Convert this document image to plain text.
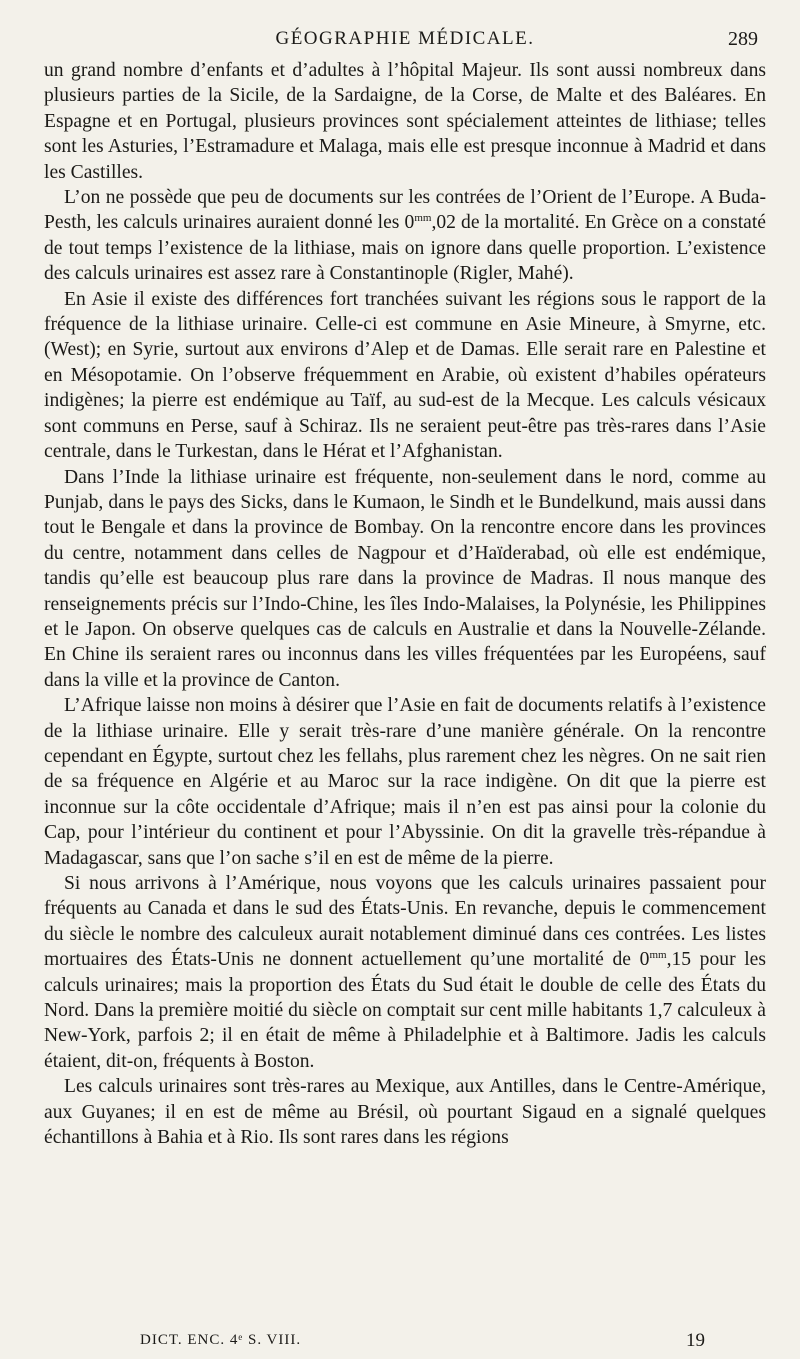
GÉOGRAPHIE MÉDICALE.	289

un grand nombre d’enfants et d’adultes à l’hôpital Majeur. Ils sont aussi nombreux dans plusieurs parties de la Sicile, de la Sardaigne, de la Corse, de Malte et des Baléares. En Espagne et en Portugal, plusieurs provinces sont spécialement atteintes de lithiase; telles sont les Asturies, l’Estramadure et Malaga, mais elle est presque inconnue à Madrid et dans les Castilles.

L’on ne possède que peu de documents sur les contrées de l’Orient de l’Europe. A Buda-Pesth, les calculs urinaires auraient donné les $0^{mm},02$ de la mortalité. En Grèce on a constaté de tout temps l’existence de la lithiase, mais on ignore dans quelle proportion. L’existence des calculs urinaires est assez rare à Constantinople (Rigler, Mahé).

En Asie il existe des différences fort tranchées suivant les régions sous le rapport de la fréquence de la lithiase urinaire. Celle-ci est commune en Asie Mineure, à Smyrne, etc. (West); en Syrie, surtout aux environs d’Alep et de Damas. Elle serait rare en Palestine et en Mésopotamie. On l’observe fréquemment en Arabie, où existent d’habiles opérateurs indigènes; la pierre est endémique au Taïf, au sud-est de la Mecque. Les calculs vésicaux sont communs en Perse, sauf à Schiraz. Ils ne seraient peut-être pas très-rares dans l’Asie centrale, dans le Turkestan, dans le Hérat et l’Afghanistan.

Dans l’Inde la lithiase urinaire est fréquente, non-seulement dans le nord, comme au Punjab, dans le pays des Sicks, dans le Kumaon, le Sindh et le Bundelkund, mais aussi dans tout le Bengale et dans la province de Bombay. On la rencontre encore dans les provinces du centre, notamment dans celles de Nagpour et d’Haïderabad, où elle est endémique, tandis qu’elle est beaucoup plus rare dans la province de Madras. Il nous manque des renseignements précis sur l’Indo-Chine, les îles Indo-Malaises, la Polynésie, les Philippines et le Japon. On observe quelques cas de calculs en Australie et dans la Nouvelle-Zélande. En Chine ils seraient rares ou inconnus dans les villes fréquentées par les Européens, sauf dans la ville et la province de Canton.

L’Afrique laisse non moins à désirer que l’Asie en fait de documents relatifs à l’existence de la lithiase urinaire. Elle y serait très-rare d’une manière générale. On la rencontre cependant en Égypte, surtout chez les fellahs, plus rarement chez les nègres. On ne sait rien de sa fréquence en Algérie et au Maroc sur la race indigène. On dit que la pierre est inconnue sur la côte occidentale d’Afrique; mais il n’en est pas ainsi pour la colonie du Cap, pour l’intérieur du continent et pour l’Abyssinie. On dit la gravelle très-répandue à Madagascar, sans que l’on sache s’il en est de même de la pierre.

Si nous arrivons à l’Amérique, nous voyons que les calculs urinaires passaient pour fréquents au Canada et dans le sud des États-Unis. En revanche, depuis le commencement du siècle le nombre des calculeux aurait notablement diminué dans ces contrées. Les listes mortuaires des États-Unis ne donnent actuellement qu’une mortalité de $0^{mm},15$ pour les calculs urinaires; mais la proportion des États du Sud était le double de celle des États du Nord. Dans la première moitié du siècle on comptait sur cent mille habitants 1,7 calculeux à New-York, parfois 2; il en était de même à Philadelphie et à Baltimore. Jadis les calculs étaient, dit-on, fréquents à Boston.

Les calculs urinaires sont très-rares au Mexique, aux Antilles, dans le Centre-Amérique, aux Guyanes; il en est de même au Brésil, où pourtant Sigaud en a signalé quelques échantillons à Bahia et à Rio. Ils sont rares dans les régions

DICT. ENC. 4ᵉ S. VIII.	19
